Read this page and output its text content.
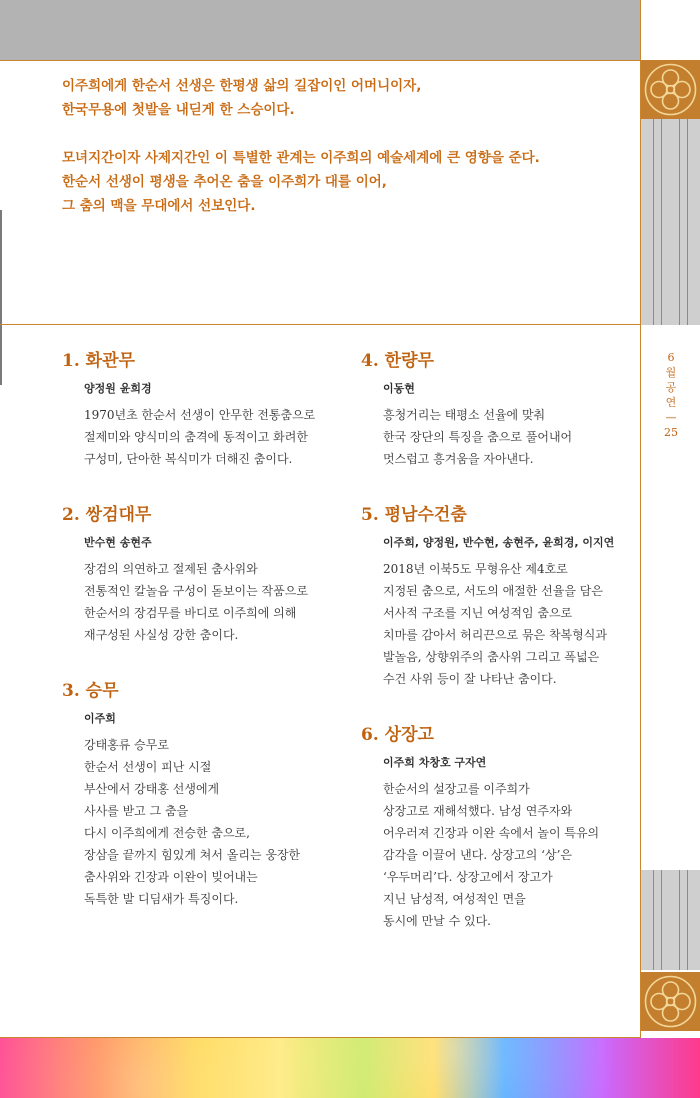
이주희에게 한순서 선생은 한평생 삶의 길잡이인 어머니이자,
한국무용에 첫발을 내딛게 한 스승이다.

모녀지간이자 사제지간인 이 특별한 관계는 이주희의 예술세계에 큰 영향을 준다.
한순서 선생이 평생을 추어온 춤을 이주희가 대를 이어,
그 춤의 맥을 무대에서 선보인다.

1. 화관무
양정원 윤희경
1970년초 한순서 선생이 안무한 전통춤으로
절제미와 양식미의 춤격에 동적이고 화려한
구성미, 단아한 복식미가 더해진 춤이다.
2. 쌍검대무
반수현 송현주
장검의 의연하고 절제된 춤사위와
전통적인 칼놀음 구성이 돋보이는 작품으로
한순서의 장검무를 바디로 이주희에 의해
재구성된 사실성 강한 춤이다.
3. 승무
이주희
강태홍류 승무로
한순서 선생이 피난 시절
부산에서 강태홍 선생에게
사사를 받고 그 춤을
다시 이주희에게 전승한 춤으로,
장삼을 끝까지 힘있게 쳐서 올리는 웅장한
춤사위와 긴장과 이완이 빚어내는
독특한 발 디딤새가 특징이다.
4. 한량무
이동현
흥청거리는 태평소 선율에 맞춰
한국 장단의 특징을 춤으로 풀어내어
멋스럽고 흥겨움을 자아낸다.
5. 평남수건춤
이주희, 양정원, 반수현, 송현주, 윤희경, 이지연
2018년 이북5도 무형유산 제4호로
지정된 춤으로, 서도의 애절한 선율을 담은
서사적 구조를 지닌 여성적임 춤으로
치마를 감아서 허리끈으로 묶은 착복형식과
발놀음, 상향위주의 춤사위 그리고 폭넓은
수건 사위 등이 잘 나타난 춤이다.
6. 상장고
이주희 차창호 구자연
한순서의 설장고를 이주희가
상장고로 재해석했다. 남성 연주자와
어우러져 긴장과 이완 속에서 놀이 특유의
감각을 이끌어 낸다. 상장고의 ‘상’은
‘우두머리’다. 상장고에서 장고가
지닌 남성적, 여성적인 면을
동시에 만날 수 있다.
6
월
공
연
—
25
